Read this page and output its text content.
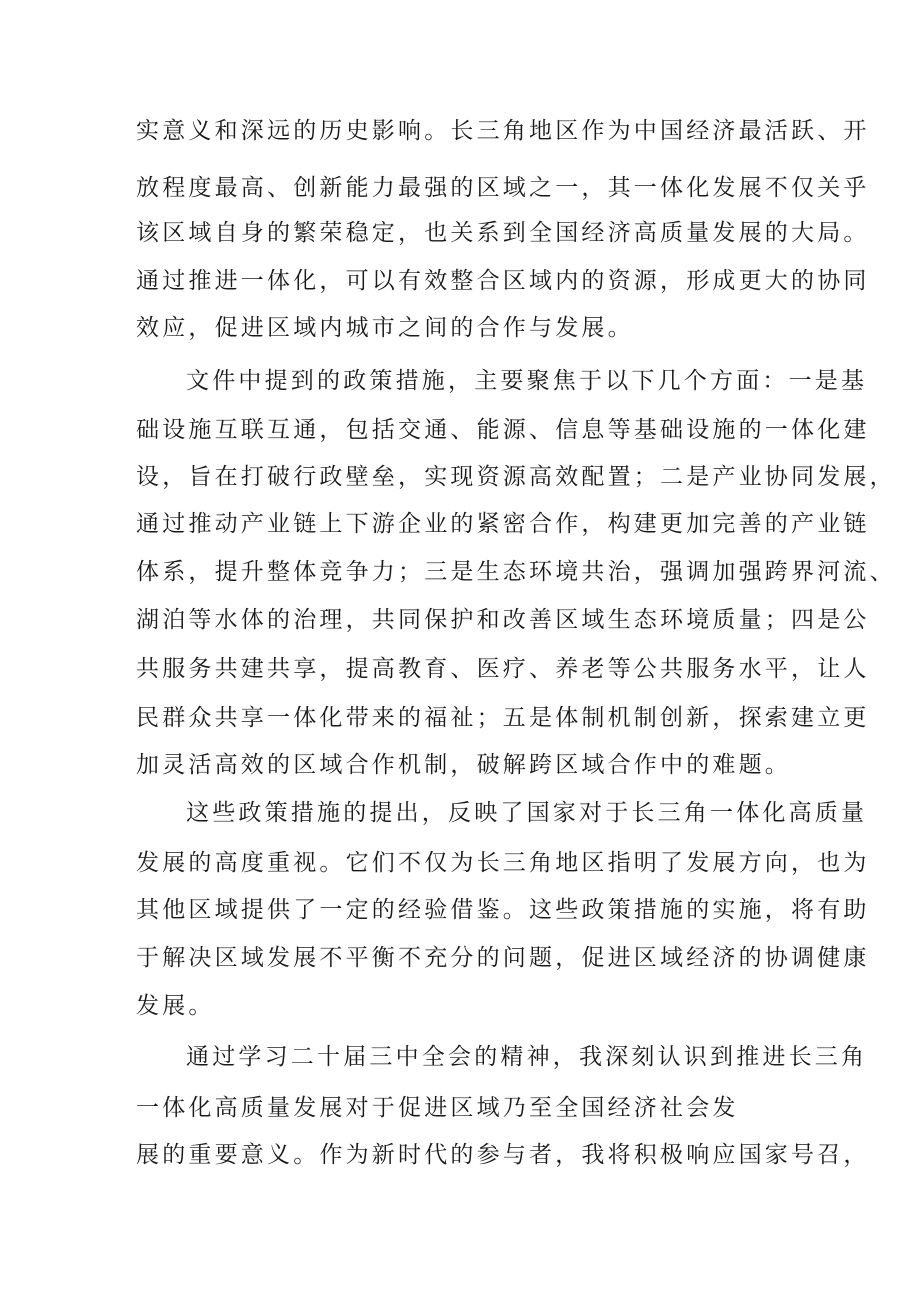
实意义和深远的历史影响。长三角地区作为中国经济最活跃、开
放程度最高、创新能力最强的区域之一，其一体化发展不仅关乎
该区域自身的繁荣稳定，也关系到全国经济高质量发展的大局。
通过推进一体化，可以有效整合区域内的资源，形成更大的协同
效应，促进区域内城市之间的合作与发展。
文件中提到的政策措施，主要聚焦于以下几个方面：一是基
础设施互联互通，包括交通、能源、信息等基础设施的一体化建
设，旨在打破行政壁垒，实现资源高效配置；二是产业协同发展，
通过推动产业链上下游企业的紧密合作，构建更加完善的产业链
体系，提升整体竞争力；三是生态环境共治，强调加强跨界河流、
湖泊等水体的治理，共同保护和改善区域生态环境质量；四是公
共服务共建共享，提高教育、医疗、养老等公共服务水平，让人
民群众共享一体化带来的福祉；五是体制机制创新，探索建立更
加灵活高效的区域合作机制，破解跨区域合作中的难题。
这些政策措施的提出，反映了国家对于长三角一体化高质量
发展的高度重视。它们不仅为长三角地区指明了发展方向，也为
其他区域提供了一定的经验借鉴。这些政策措施的实施，将有助
于解决区域发展不平衡不充分的问题，促进区域经济的协调健康
发展。
通过学习二十届三中全会的精神，我深刻认识到推进长三角
一体化高质量发展对于促进区域乃至全国经济社会发
展的重要意义。作为新时代的参与者，我将积极响应国家号召，
